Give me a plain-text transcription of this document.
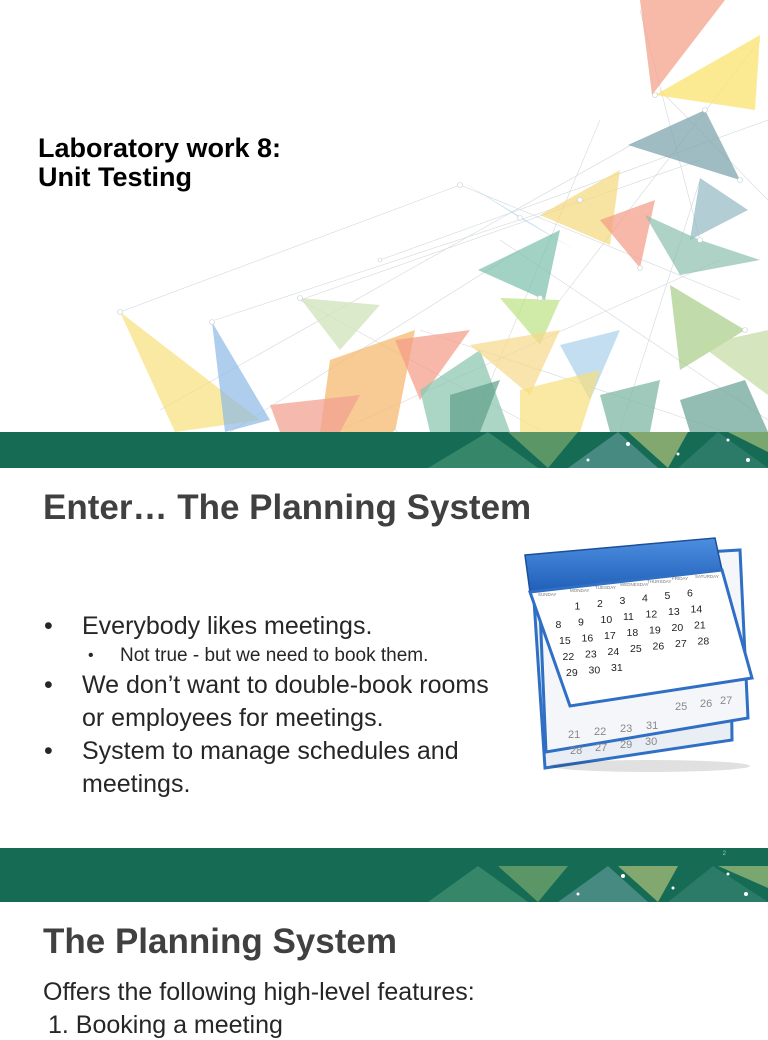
Laboratory work 8:
Unit Testing
Enter… The Planning System
28 27 29 30
21 22 23 31
25 26 27
SUNDAY
MONDAY
TUESDAY
WEDNESDAY
THURSDAY
FRIDAY SATURDAY
1 2 3 4 5 6
8 9 10 11 12 13 14
15 16 17 18 19 20 21
22 23 24 25 26 27 28
29 30 31
• Everybody likes meetings.
• Not true - but we need to book them.
• We don’t want to double-book rooms or employees for meetings.
• System to manage schedules and meetings.
2
The Planning System
Offers the following high-level features:
1. Booking a meeting
